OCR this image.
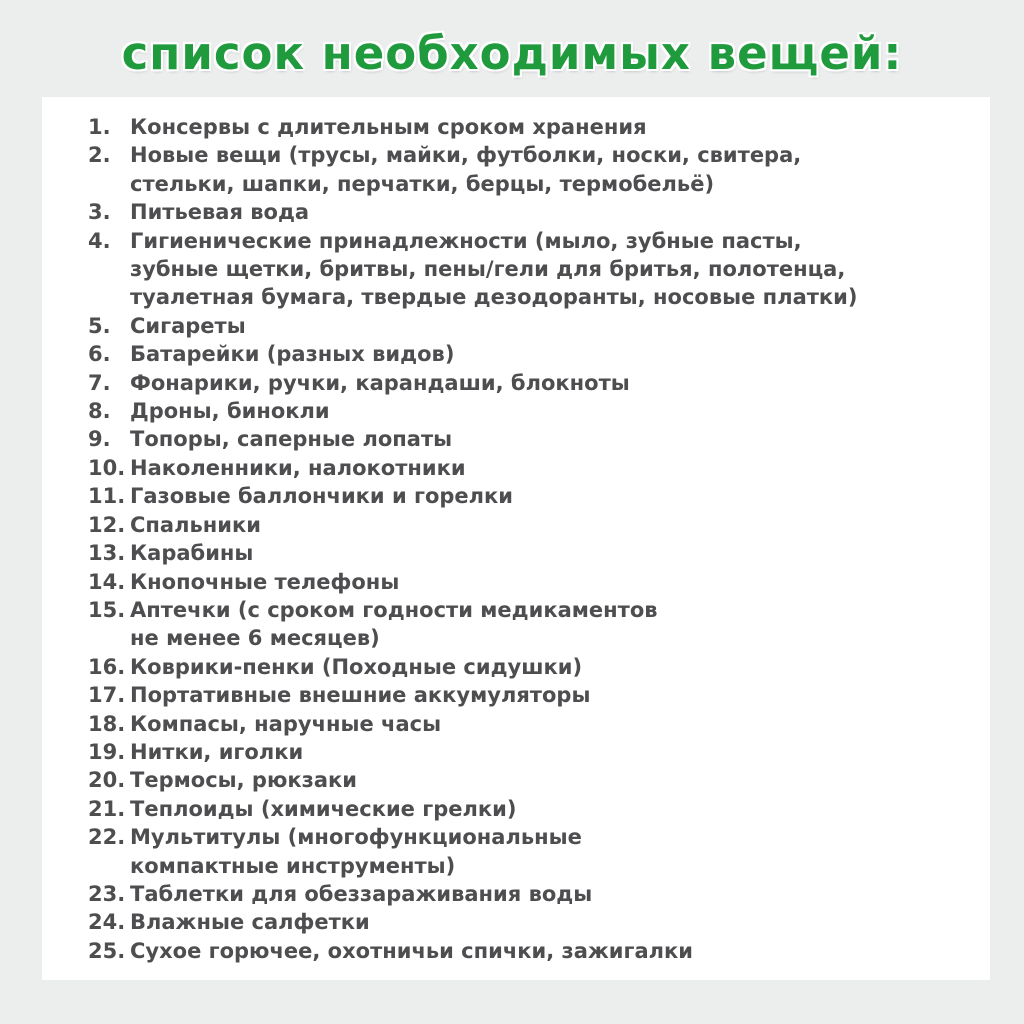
список необходимых вещей:
1. Консервы с длительным сроком хранения
2. Новые вещи (трусы, майки, футболки, носки, свитера,
стельки, шапки, перчатки, берцы, термобельё)
3. Питьевая вода
4. Гигиенические принадлежности (мыло, зубные пасты,
зубные щетки, бритвы, пены/гели для бритья, полотенца,
туалетная бумага, твердые дезодоранты, носовые платки)
5. Сигареты
6. Батарейки (разных видов)
7. Фонарики, ручки, карандаши, блокноты
8. Дроны, бинокли
9. Топоры, саперные лопаты
10. Наколенники, налокотники
11. Газовые баллончики и горелки
12. Спальники
13. Карабины
14. Кнопочные телефоны
15. Аптечки (с сроком годности медикаментов
не менее 6 месяцев)
16. Коврики-пенки (Походные сидушки)
17. Портативные внешние аккумуляторы
18. Компасы, наручные часы
19. Нитки, иголки
20. Термосы, рюкзаки
21. Теплоиды (химические грелки)
22. Мультитулы (многофункциональные
компактные инструменты)
23. Таблетки для обеззараживания воды
24. Влажные салфетки
25. Сухое горючее, охотничьи спички, зажигалки
